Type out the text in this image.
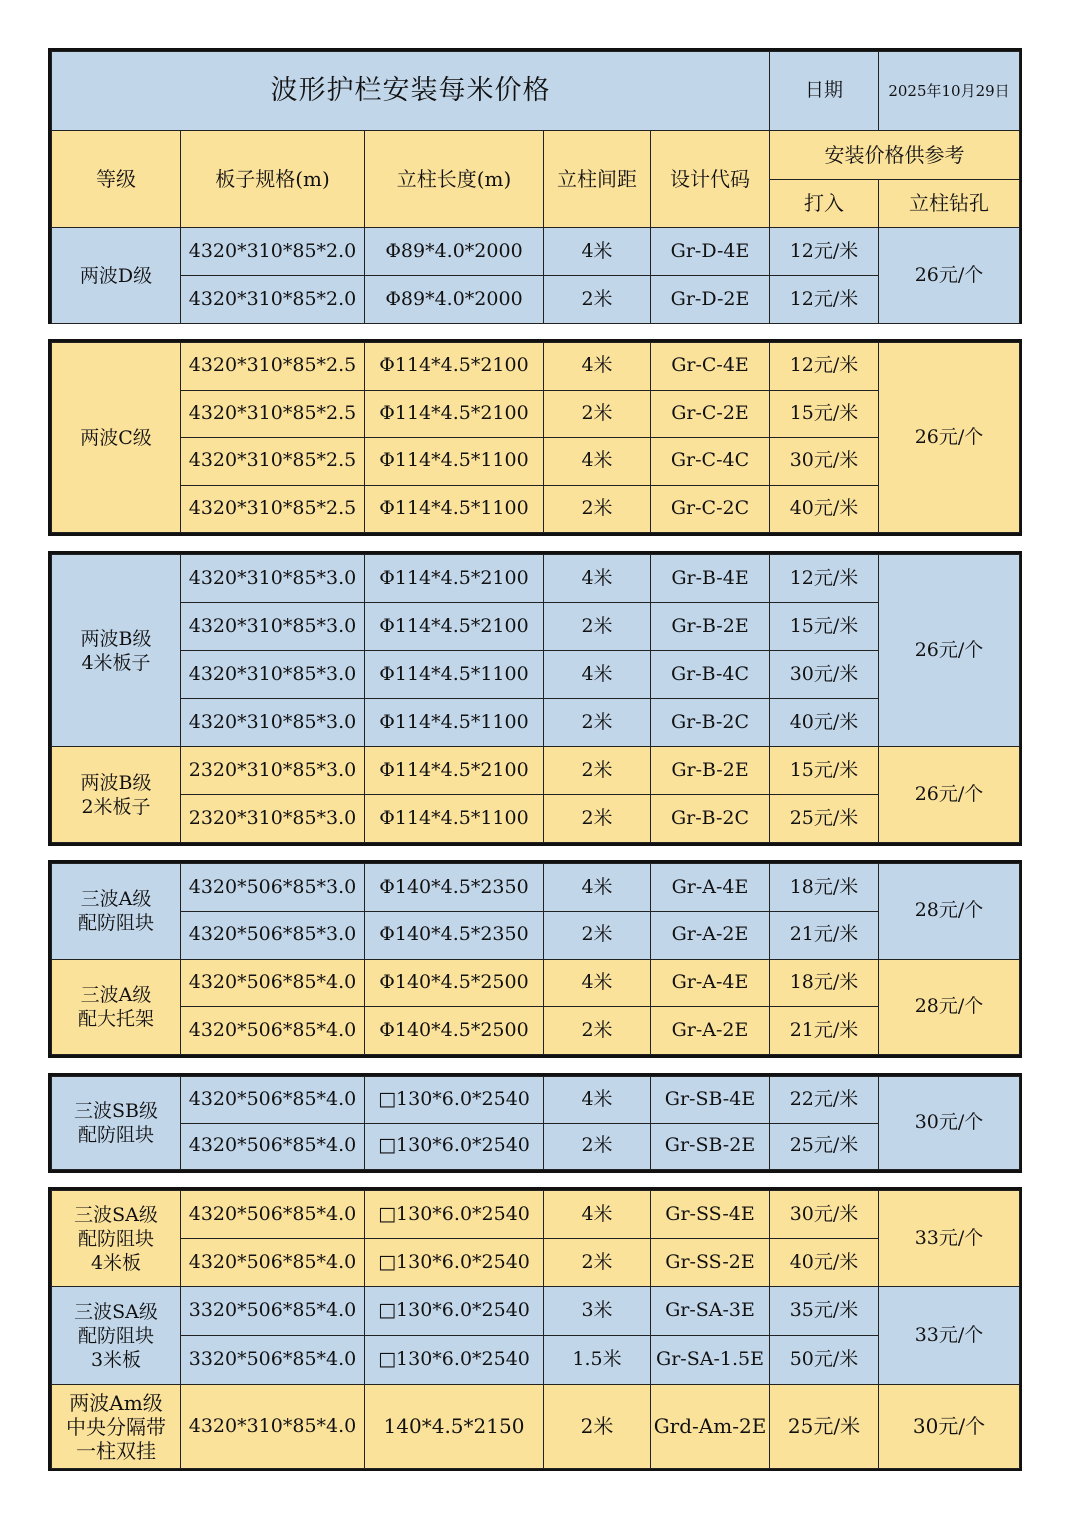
波形护栏安装每米价格					日期	2025年10月29日
等级	板子规格(m)	立柱长度(m)	立柱间距	设计代码	安装价格供参考	
					打入	立柱钻孔
两波D级	4320*310*85*2.0	Φ89*4.0*2000	4米	Gr-D-4E	12元/米	26元/个
	4320*310*85*2.0	Φ89*4.0*2000	2米	Gr-D-2E	12元/米	
两波C级	4320*310*85*2.5	Φ114*4.5*2100	4米	Gr-C-4E	12元/米	26元/个
	4320*310*85*2.5	Φ114*4.5*2100	2米	Gr-C-2E	15元/米	
	4320*310*85*2.5	Φ114*4.5*1100	4米	Gr-C-4C	30元/米	
	4320*310*85*2.5	Φ114*4.5*1100	2米	Gr-C-2C	40元/米	
两波B级
4米板子	4320*310*85*3.0	Φ114*4.5*2100	4米	Gr-B-4E	12元/米	26元/个
	4320*310*85*3.0	Φ114*4.5*2100	2米	Gr-B-2E	15元/米	
	4320*310*85*3.0	Φ114*4.5*1100	4米	Gr-B-4C	30元/米	
	4320*310*85*3.0	Φ114*4.5*1100	2米	Gr-B-2C	40元/米	
两波B级
2米板子	2320*310*85*3.0	Φ114*4.5*2100	2米	Gr-B-2E	15元/米	26元/个
	2320*310*85*3.0	Φ114*4.5*1100	2米	Gr-B-2C	25元/米	
三波A级
配防阻块	4320*506*85*3.0	Φ140*4.5*2350	4米	Gr-A-4E	18元/米	28元/个
	4320*506*85*3.0	Φ140*4.5*2350	2米	Gr-A-2E	21元/米	
三波A级
配大托架	4320*506*85*4.0	Φ140*4.5*2500	4米	Gr-A-4E	18元/米	28元/个
	4320*506*85*4.0	Φ140*4.5*2500	2米	Gr-A-2E	21元/米	
三波SB级
配防阻块	4320*506*85*4.0	□130*6.0*2540	4米	Gr-SB-4E	22元/米	30元/个
	4320*506*85*4.0	□130*6.0*2540	2米	Gr-SB-2E	25元/米	
三波SA级
配防阻块
4米板	4320*506*85*4.0	□130*6.0*2540	4米	Gr-SS-4E	30元/米	33元/个
	4320*506*85*4.0	□130*6.0*2540	2米	Gr-SS-2E	40元/米	
三波SA级
配防阻块
3米板	3320*506*85*4.0	□130*6.0*2540	3米	Gr-SA-3E	35元/米	33元/个
	3320*506*85*4.0	□130*6.0*2540	1.5米	Gr-SA-1.5E	50元/米	
两波Am级
中央分隔带
一柱双挂	4320*310*85*4.0	140*4.5*2150	2米	Grd-Am-2E	25元/米	30元/个
